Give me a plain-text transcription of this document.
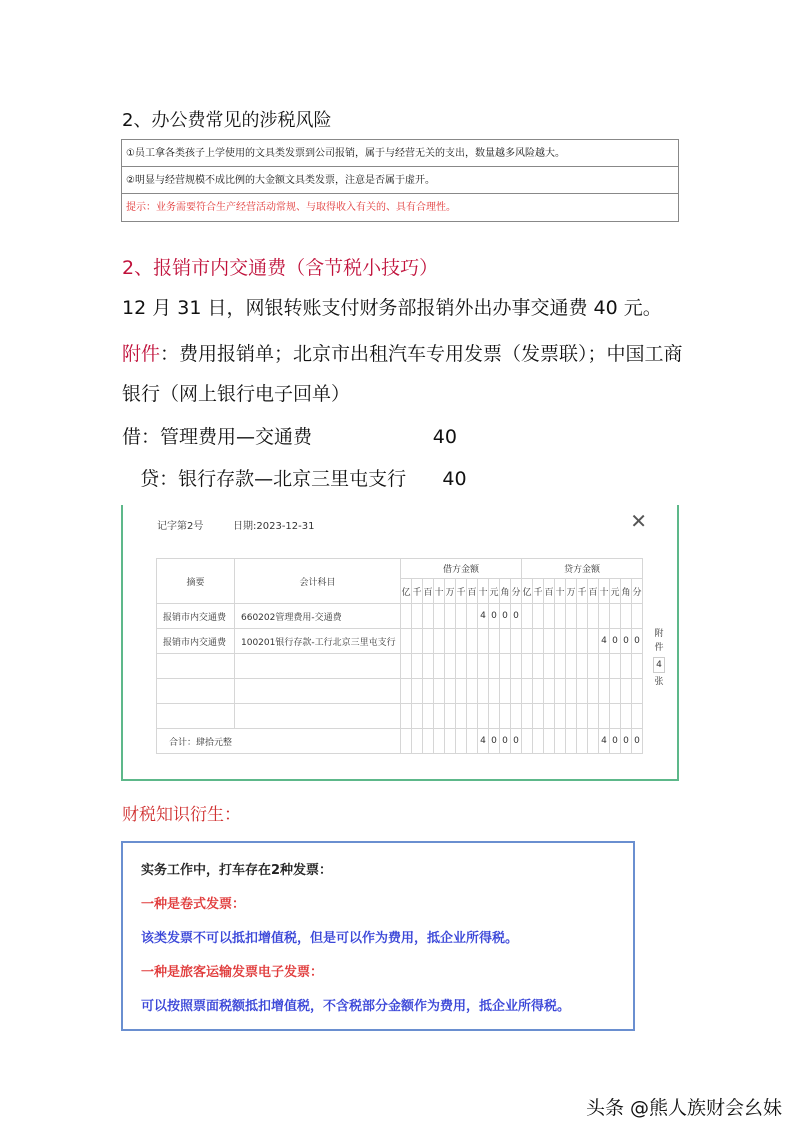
2、办公费常见的涉税风险
①员工拿各类孩子上学使用的文具类发票到公司报销，属于与经营无关的支出，数量越多风险越大。
②明显与经营规模不成比例的大金额文具类发票，注意是否属于虚开。
提示：业务需要符合生产经营活动常规、与取得收入有关的、具有合理性。
2、报销市内交通费（含节税小技巧）
12 月 31 日，网银转账支付财务部报销外出办事交通费 40 元。
附件：费用报销单；北京市出租汽车专用发票（发票联）；中国工商
银行（网上银行电子回单）
借：管理费用—交通费                    40
贷：银行存款—北京三里屯支行      40
记字第2号	日期:2023-12-31	✕
摘要	会计科目	借方金额											贷方金额										
		亿	千	百	十	万	千	百	十	元	角	分	亿	千	百	十	万	千	百	十	元	角	分
报销市内交通费	660202管理费用-交通费								4	0	0	0											
报销市内交通费	100201银行存款-工行北京三里屯支行																			4	0	0	0

合计：肆拾元整									4	0	0	0								4	0	0	0
附
件
4
张
财税知识衍生：
实务工作中，打车存在2种发票：
一种是卷式发票：
该类发票不可以抵扣增值税，但是可以作为费用，抵企业所得税。
一种是旅客运输发票电子发票：
可以按照票面税额抵扣增值税，不含税部分金额作为费用，抵企业所得税。
头条 @熊人族财会幺妹
